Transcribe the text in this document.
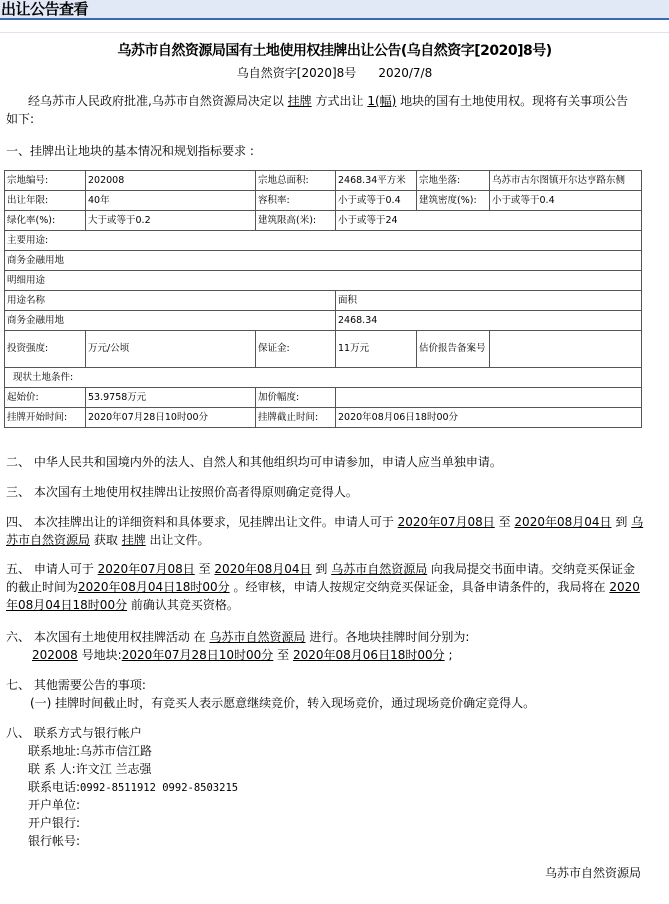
出让公告查看
乌苏市自然资源局国有土地使用权挂牌出让公告(乌自然资字[2020]8号)
乌自然资字[2020]8号 2020/7/8
经乌苏市人民政府批准,乌苏市自然资源局决定以 挂牌 方式出让 1(幅) 地块的国有土地使用权。现将有关事项公告
如下:
一、挂牌出让地块的基本情况和规划指标要求 :
宗地编号:	202008	宗地总面积:	2468.34平方米	宗地坐落:	乌苏市古尔图镇开尔达亨路东侧
出让年限:	40年	容积率:	小于或等于0.4	建筑密度(%):	小于或等于0.4
绿化率(%):	大于或等于0.2	建筑限高(米):	小于或等于24		
主要用途:					
商务金融用地					
明细用途					
用途名称			面积		
商务金融用地			2468.34		
投资强度:	万元/公顷	保证金:	11万元	估价报告备案号	
现状土地条件:					
起始价:	53.9758万元	加价幅度:			
挂牌开始时间:	2020年07月28日10时00分	挂牌截止时间:	2020年08月06日18时00分		
二、 中华人民共和国境内外的法人、自然人和其他组织均可申请参加，申请人应当单独申请。
三、 本次国有土地使用权挂牌出让按照价高者得原则确定竞得人。
四、 本次挂牌出让的详细资料和具体要求，见挂牌出让文件。申请人可于 2020年07月08日 至 2020年08月04日 到 乌苏市自然资源局 获取 挂牌 出让文件。
五、 申请人可于 2020年07月08日 至 2020年08月04日 到 乌苏市自然资源局 向我局提交书面申请。交纳竞买保证金的截止时间为2020年08月04日18时00分 。经审核，申请人按规定交纳竞买保证金，具备申请条件的，我局将在 2020年08月04日18时00分 前确认其竞买资格。
六、 本次国有土地使用权挂牌活动 在 乌苏市自然资源局 进行。各地块挂牌时间分别为:
202008 号地块:2020年07月28日10时00分 至 2020年08月06日18时00分 ;
七、 其他需要公告的事项:
(一) 挂牌时间截止时，有竞买人表示愿意继续竞价，转入现场竞价，通过现场竞价确定竞得人。
八、 联系方式与银行帐户
联系地址:乌苏市信江路
联 系 人:许文江 兰志强
联系电话:0992-8511912 0992-8503215
开户单位:
开户银行:
银行帐号:
乌苏市自然资源局
